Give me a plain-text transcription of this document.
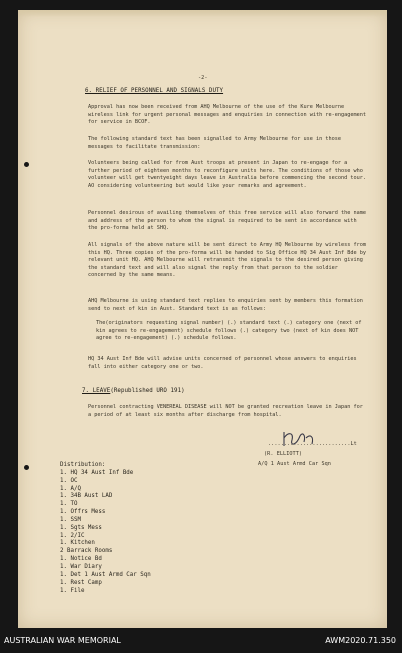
-2-
6. RELIEF OF PERSONNEL AND SIGNALS DUTY
Approval has now been received from AHQ Melbourne of the use of the Kure Melbourne wireless link for urgent personal messages and enquiries in connection with re-engagement for service in BCOF.
The following standard text has been signalled to Army Melbourne for use in those messages to facilitate transmission:
Volunteers being called for from Aust troops at present in Japan to re-engage for a further period of eighteen months to reconfigure units here. The conditions of those who volunteer will get twentyeight days leave in Australia before commencing the second tour. AO considering volunteering but would like your remarks and agreement.
Personnel desirous of availing themselves of this free service will also forward the name and address of the person to whom the signal is required to be sent in accordance with the pro-forma held at SHQ.
All signals of the above nature will be sent direct to Army HQ Melbourne by wireless from this HQ. Three copies of the pro-forma will be handed to Sig Office HQ 34 Aust Inf Bde by relevant unit HQ. AHQ Melbourne will retransmit the signals to the desired person giving the standard text and will also signal the reply from that person to the soldier concerned by the same means.
AHQ Melbourne is using standard text replies to enquiries sent by members this formation send to next of kin in Aust. Standard text is as follows:
The(originators requesting signal number) (.) standard text (.) category one (next of kin agrees to re-engagement) schedule follows (.) category two (next of kin does NOT agree to re-engagement) (.) schedule follows.
HQ 34 Aust Inf Bde will advise units concerned of personnel whose answers to enquiries fall into either category one or two.
7. LEAVE(Republished URO 191)
Personnel contracting VENEREAL DISEASE will NOT be granted recreation leave in Japan for a period of at least six months after discharge from hospital.
..........................Lt
(R. ELLIOTT)
A/Q 1 Aust Armd Car Sqn
Distribution:
1. HQ 34 Aust Inf Bde
1. OC
1. A/Q
1. 34B Aust LAD
1. TO
1. Offrs Mess
1. SSM
1. Sgts Mess
1. 2/IC
1. Kitchen
2 Barrack Rooms
1. Notice Bd
1. War Diary
1. Det 1 Aust Armd Car Sqn
1. Rest Camp
1. File
AUSTRALIAN WAR MEMORIAL	AWM2020.71.350
